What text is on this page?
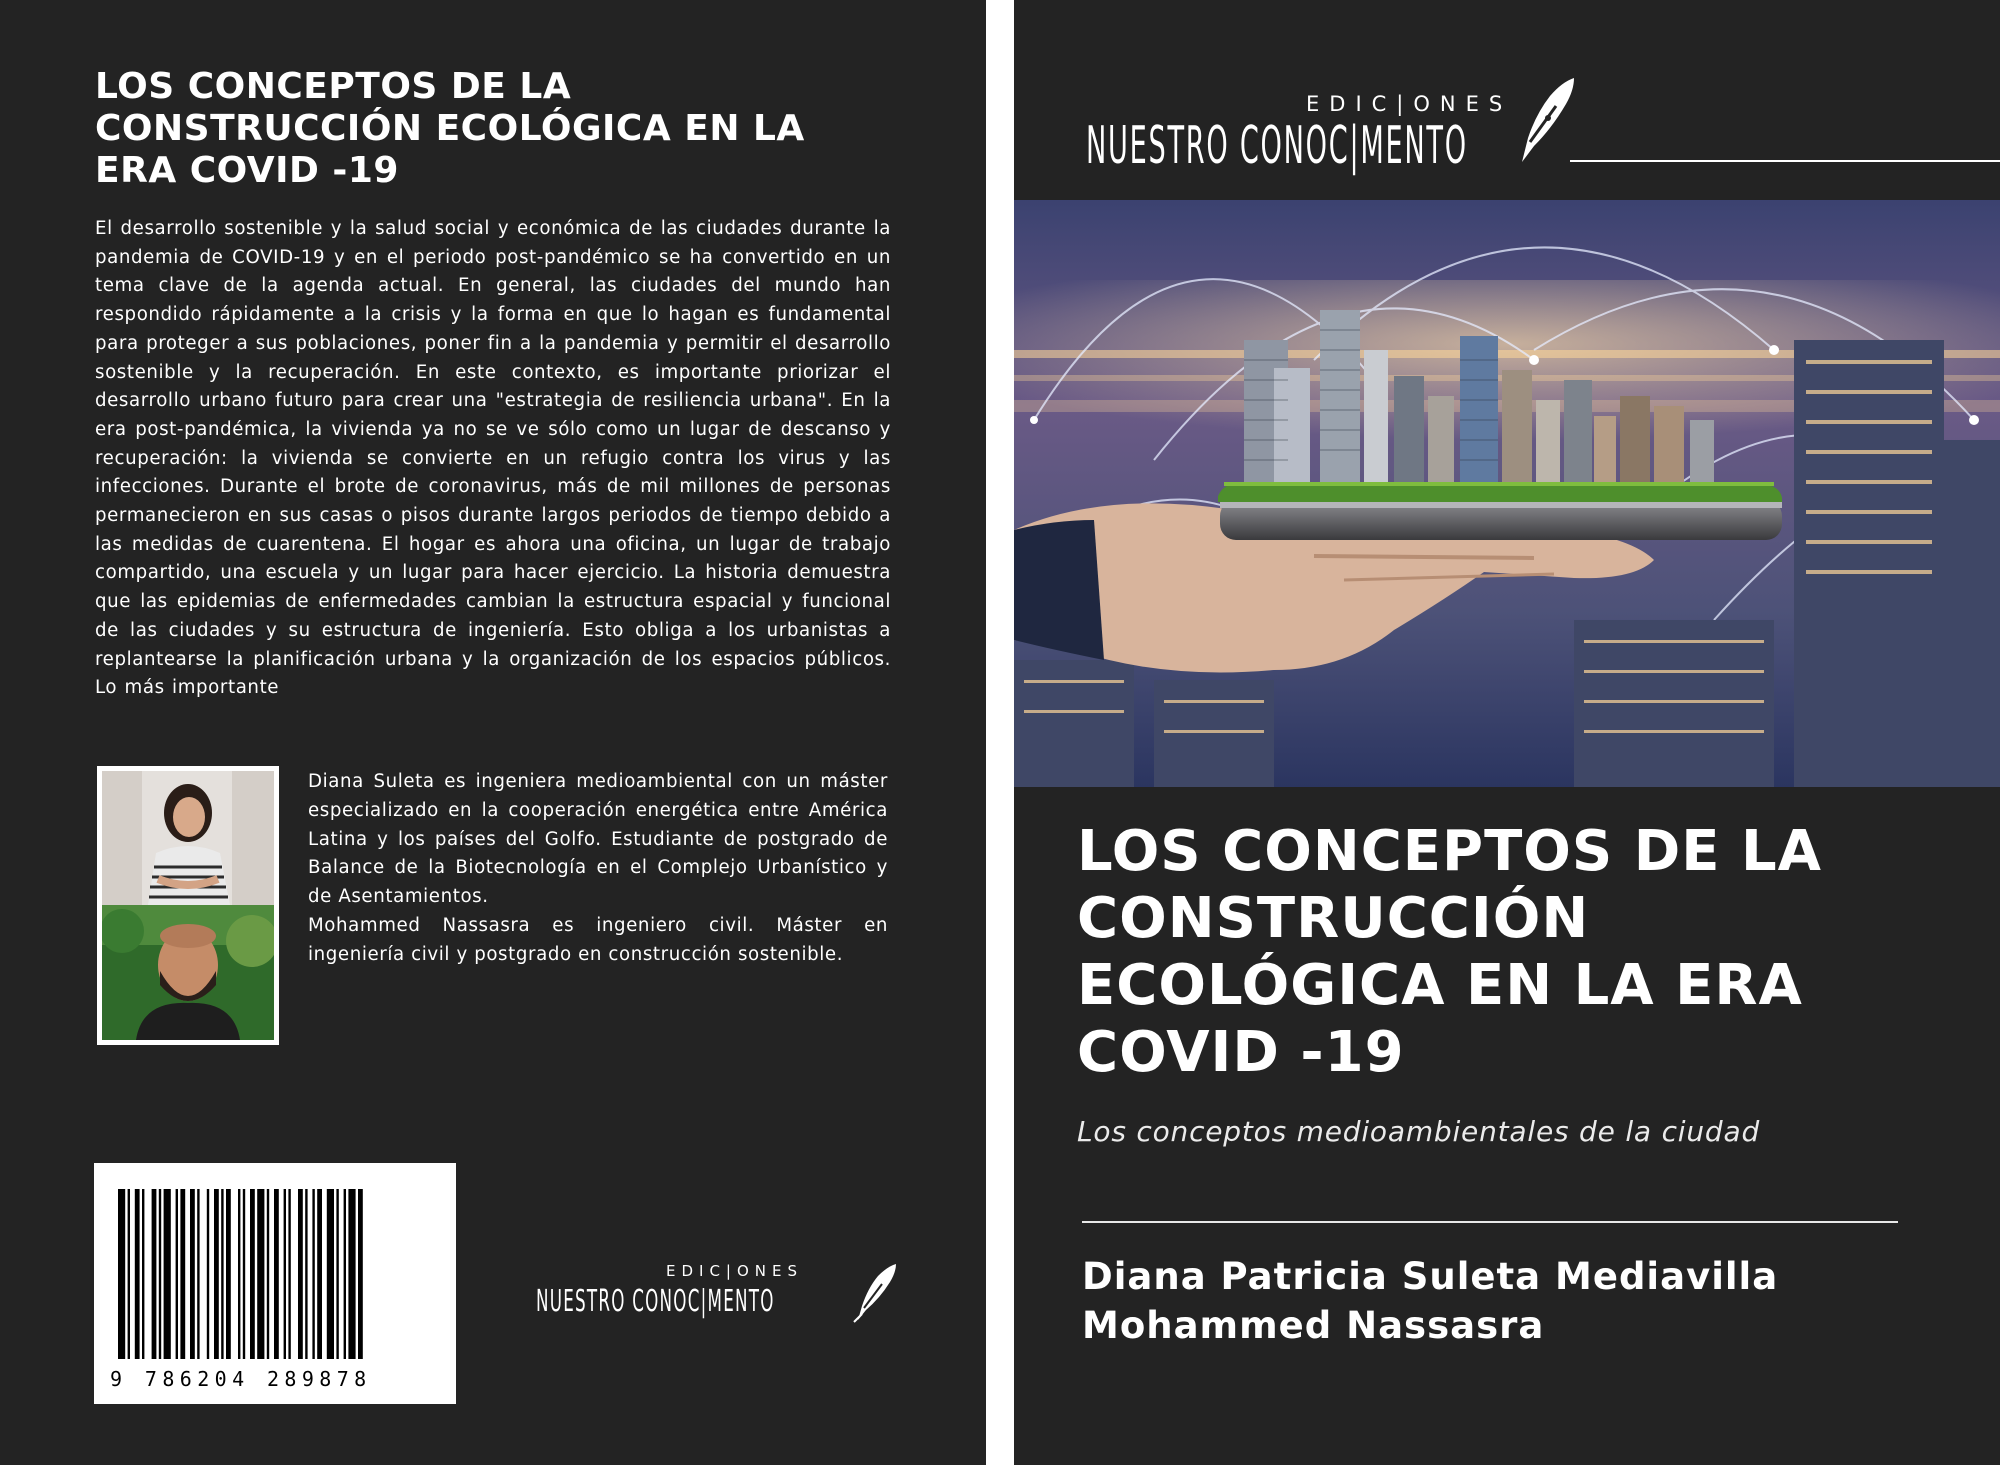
LOS CONCEPTOS DE LA
CONSTRUCCIÓN ECOLÓGICA EN LA
ERA COVID -19

El desarrollo sostenible y la salud social y económica de las ciudades durante la pandemia de COVID-19 y en el periodo post-pandémico se ha convertido en un tema clave de la agenda actual. En general, las ciudades del mundo han respondido rápidamente a la crisis y la forma en que lo hagan es fundamental para proteger a sus poblaciones, poner fin a la pandemia y permitir el desarrollo sostenible y la recuperación. En este contexto, es importante priorizar el desarrollo urbano futuro para crear una "estrategia de resiliencia urbana". En la era post-pandémica, la vivienda ya no se ve sólo como un lugar de descanso y recuperación: la vivienda se convierte en un refugio contra los virus y las infecciones. Durante el brote de coronavirus, más de mil millones de personas permanecieron en sus casas o pisos durante largos periodos de tiempo debido a las medidas de cuarentena. El hogar es ahora una oficina, un lugar de trabajo compartido, una escuela y un lugar para hacer ejercicio. La historia demuestra que las epidemias de enfermedades cambian la estructura espacial y funcional de las ciudades y su estructura de ingeniería. Esto obliga a los urbanistas a replantearse la planificación urbana y la organización de los espacios públicos. Lo más importante

Diana Suleta es ingeniera medioambiental con un máster especializado en la cooperación energética entre América Latina y los países del Golfo. Estudiante de postgrado de Balance de la Biotecnología en el Complejo Urbanístico y de Asentamientos.

Mohammed Nassasra es ingeniero civil. Máster en ingeniería civil y postgrado en construcción sostenible.

9 786204 289878
EDIC|ONES
NUESTRO CONOC|MENTO
EDIC|ONES
NUESTRO CONOC|MENTO
LOS CONCEPTOS DE LA
CONSTRUCCIÓN
ECOLÓGICA EN LA ERA
COVID -19

Los conceptos medioambientales de la ciudad

Diana Patricia Suleta Mediavilla
Mohammed Nassasra
